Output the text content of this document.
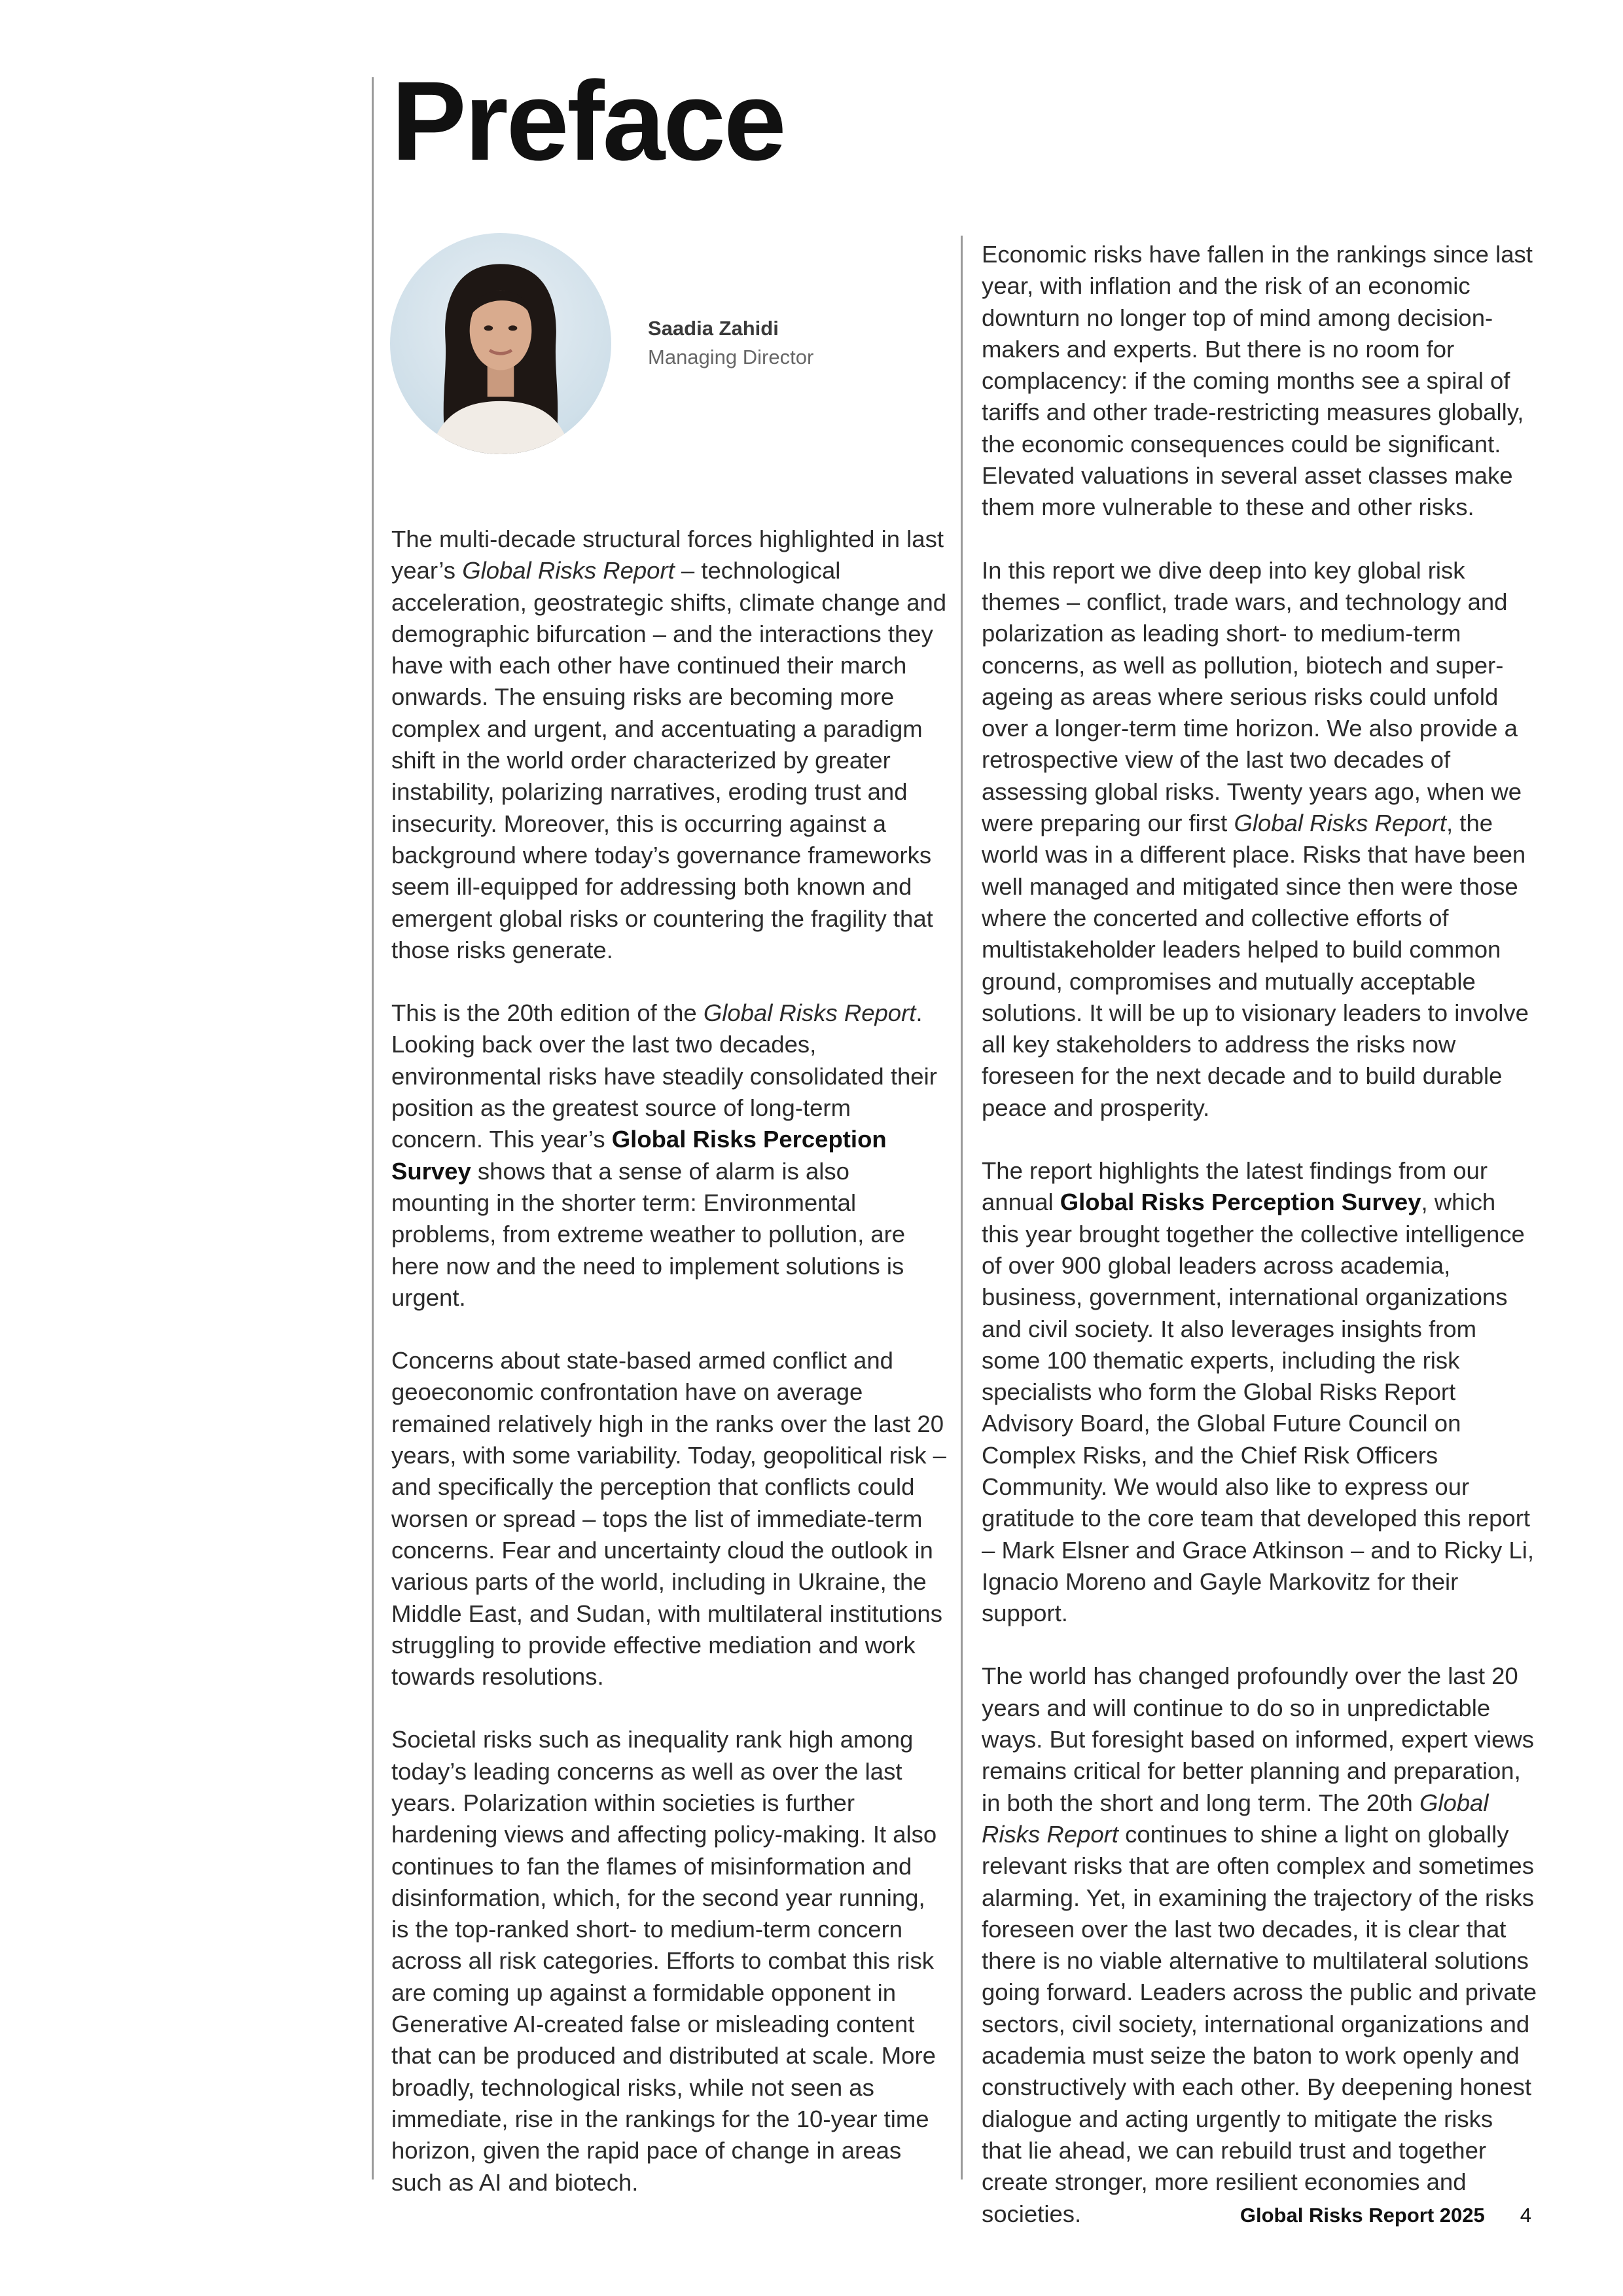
Preface
Saadia Zahidi
Managing Director

The multi-decade structural forces highlighted in last year’s Global Risks Report – technological acceleration, geostrategic shifts, climate change and demographic bifurcation – and the interactions they have with each other have continued their march onwards. The ensuing risks are becoming more complex and urgent, and accentuating a paradigm shift in the world order characterized by greater instability, polarizing narratives, eroding trust and insecurity. Moreover, this is occurring against a background where today’s governance frameworks seem ill-equipped for addressing both known and emergent global risks or countering the fragility that those risks generate.

This is the 20th edition of the Global Risks Report. Looking back over the last two decades, environmental risks have steadily consolidated their position as the greatest source of long-term concern. This year’s Global Risks Perception Survey shows that a sense of alarm is also mounting in the shorter term: Environmental problems, from extreme weather to pollution, are here now and the need to implement solutions is urgent.

Concerns about state-based armed conflict and geoeconomic confrontation have on average remained relatively high in the ranks over the last 20 years, with some variability. Today, geopolitical risk – and specifically the perception that conflicts could worsen or spread – tops the list of immediate-term concerns. Fear and uncertainty cloud the outlook in various parts of the world, including in Ukraine, the Middle East, and Sudan, with multilateral institutions struggling to provide effective mediation and work towards resolutions.

Societal risks such as inequality rank high among today’s leading concerns as well as over the last years. Polarization within societies is further hardening views and affecting policy-making. It also continues to fan the flames of misinformation and disinformation, which, for the second year running, is the top-ranked short- to medium-term concern across all risk categories. Efforts to combat this risk are coming up against a formidable opponent in Generative AI-created false or misleading content that can be produced and distributed at scale. More broadly, technological risks, while not seen as immediate, rise in the rankings for the 10-year time horizon, given the rapid pace of change in areas such as AI and biotech.

Economic risks have fallen in the rankings since last year, with inflation and the risk of an economic downturn no longer top of mind among decision-makers and experts. But there is no room for complacency: if the coming months see a spiral of tariffs and other trade-restricting measures globally, the economic consequences could be significant. Elevated valuations in several asset classes make them more vulnerable to these and other risks.

In this report we dive deep into key global risk themes – conflict, trade wars, and technology and polarization as leading short- to medium-term concerns, as well as pollution, biotech and super-ageing as areas where serious risks could unfold over a longer-term time horizon. We also provide a retrospective view of the last two decades of assessing global risks. Twenty years ago, when we were preparing our first Global Risks Report, the world was in a different place. Risks that have been well managed and mitigated since then were those where the concerted and collective efforts of multistakeholder leaders helped to build common ground, compromises and mutually acceptable solutions. It will be up to visionary leaders to involve all key stakeholders to address the risks now foreseen for the next decade and to build durable peace and prosperity.

The report highlights the latest findings from our annual Global Risks Perception Survey, which this year brought together the collective intelligence of over 900 global leaders across academia, business, government, international organizations and civil society. It also leverages insights from some 100 thematic experts, including the risk specialists who form the Global Risks Report Advisory Board, the Global Future Council on Complex Risks, and the Chief Risk Officers Community. We would also like to express our gratitude to the core team that developed this report – Mark Elsner and Grace Atkinson – and to Ricky Li, Ignacio Moreno and Gayle Markovitz for their support.

The world has changed profoundly over the last 20 years and will continue to do so in unpredictable ways. But foresight based on informed, expert views remains critical for better planning and preparation, in both the short and long term. The 20th Global Risks Report continues to shine a light on globally relevant risks that are often complex and sometimes alarming. Yet, in examining the trajectory of the risks foreseen over the last two decades, it is clear that there is no viable alternative to multilateral solutions going forward. Leaders across the public and private sectors, civil society, international organizations and academia must seize the baton to work openly and constructively with each other. By deepening honest dialogue and acting urgently to mitigate the risks that lie ahead, we can rebuild trust and together create stronger, more resilient economies and societies.	Global Risks Report 2025 4
